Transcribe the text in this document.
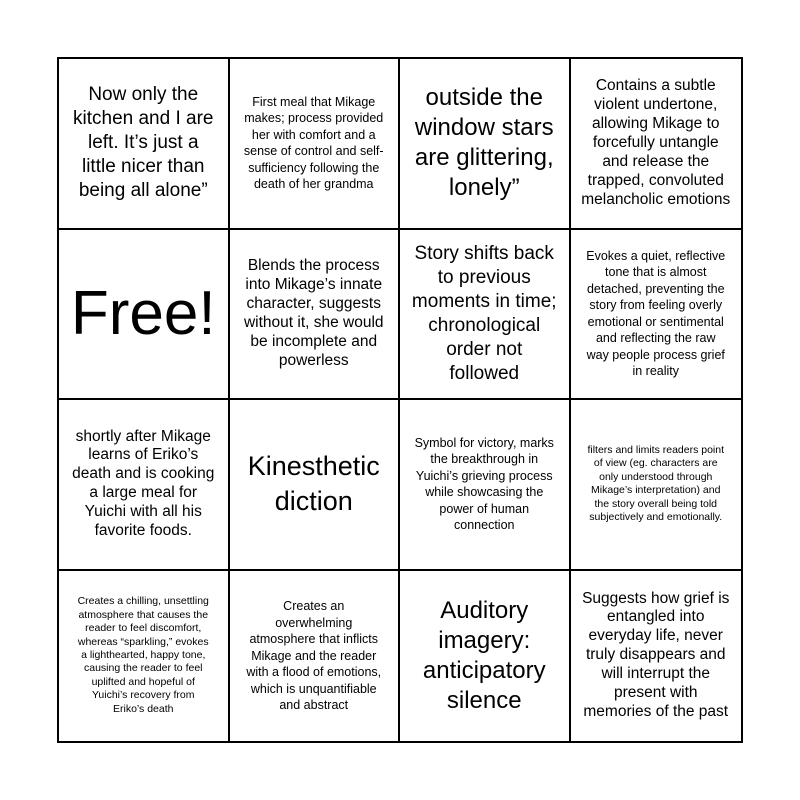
Now only the kitchen and I are left. It’s just a little nicer than being all alone”
First meal that Mikage makes; process provided her with comfort and a sense of control and self-sufficiency following the death of her grandma
outside the window stars are glittering, lonely”
Contains a subtle violent undertone, allowing Mikage to forcefully untangle and release the trapped, convoluted melancholic emotions
Free!
Blends the process into Mikage’s innate character, suggests without it, she would be incomplete and powerless
Story shifts back to previous moments in time; chronological order not followed
Evokes a quiet, reflective tone that is almost detached, preventing the story from feeling overly emotional or sentimental and reflecting the raw way people process grief in reality
shortly after Mikage learns of Eriko’s death and is cooking a large meal for Yuichi with all his favorite foods.
Kinesthetic diction
Symbol for victory, marks the breakthrough in Yuichi’s grieving process while showcasing the power of human connection
filters and limits readers point of view (eg. characters are only understood through Mikage’s interpretation) and the story overall being told subjectively and emotionally.
Creates a chilling, unsettling atmosphere that causes the reader to feel discomfort, whereas “sparkling,” evokes a lighthearted, happy tone, causing the reader to feel uplifted and hopeful of Yuichi’s recovery from Eriko’s death
Creates an overwhelming atmosphere that inflicts Mikage and the reader with a flood of emotions, which is unquantifiable and abstract
Auditory imagery: anticipatory silence
Suggests how grief is entangled into everyday life, never truly disappears and will interrupt the present with memories of the past
